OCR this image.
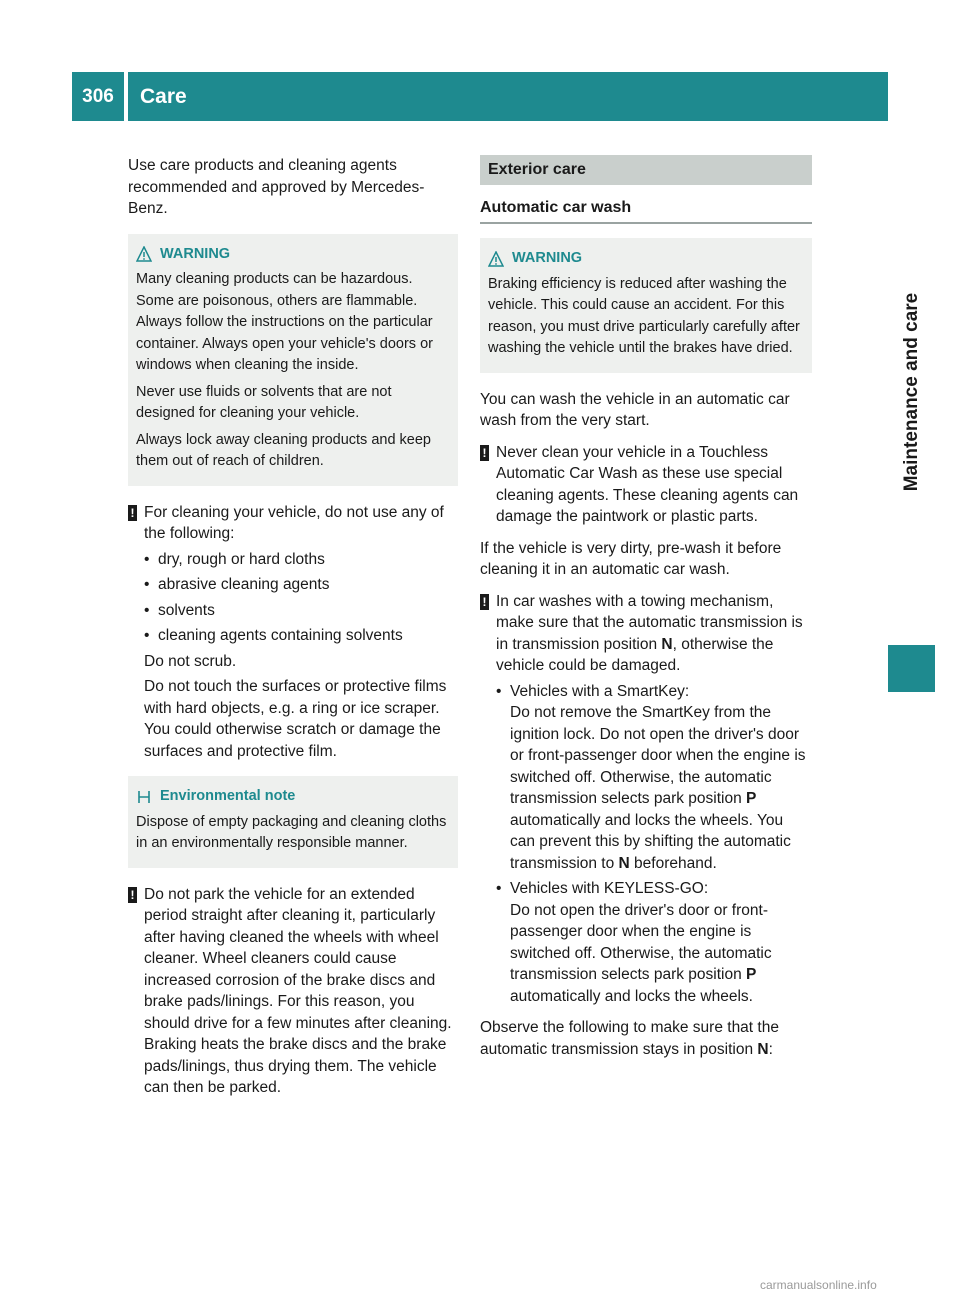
306	Care
Maintenance and care

Use care products and cleaning agents recommended and approved by Mercedes-Benz.

WARNING

Many cleaning products can be hazardous. Some are poisonous, others are flammable. Always follow the instructions on the particular container. Always open your vehicle's doors or windows when cleaning the inside.

Never use fluids or solvents that are not designed for cleaning your vehicle.

Always lock away cleaning products and keep them out of reach of children.

! For cleaning your vehicle, do not use any of the following:
• dry, rough or hard cloths
• abrasive cleaning agents
• solvents
• cleaning agents containing solvents
Do not scrub.
Do not touch the surfaces or protective films with hard objects, e.g. a ring or ice scraper. You could otherwise scratch or damage the surfaces and protective film.
Environmental note

Dispose of empty packaging and cleaning cloths in an environmentally responsible manner.

! Do not park the vehicle for an extended period straight after cleaning it, particularly after having cleaned the wheels with wheel cleaner. Wheel cleaners could cause increased corrosion of the brake discs and brake pads/linings. For this reason, you should drive for a few minutes after cleaning. Braking heats the brake discs and the brake pads/linings, thus drying them. The vehicle can then be parked.
Exterior care
Automatic car wash
WARNING

Braking efficiency is reduced after washing the vehicle. This could cause an accident. For this reason, you must drive particularly carefully after washing the vehicle until the brakes have dried.

You can wash the vehicle in an automatic car wash from the very start.

! Never clean your vehicle in a Touchless Automatic Car Wash as these use special cleaning agents. These cleaning agents can damage the paintwork or plastic parts.

If the vehicle is very dirty, pre-wash it before cleaning it in an automatic car wash.

! In car washes with a towing mechanism, make sure that the automatic transmission is in transmission position N, otherwise the vehicle could be damaged.
• Vehicles with a SmartKey:
Do not remove the SmartKey from the ignition lock. Do not open the driver's door or front-passenger door when the engine is switched off. Otherwise, the automatic transmission selects park position P automatically and locks the wheels. You can prevent this by shifting the automatic transmission to N beforehand.
• Vehicles with KEYLESS-GO:
Do not open the driver's door or front-passenger door when the engine is switched off. Otherwise, the automatic transmission selects park position P automatically and locks the wheels.

Observe the following to make sure that the automatic transmission stays in position N:

carmanualsonline.info
